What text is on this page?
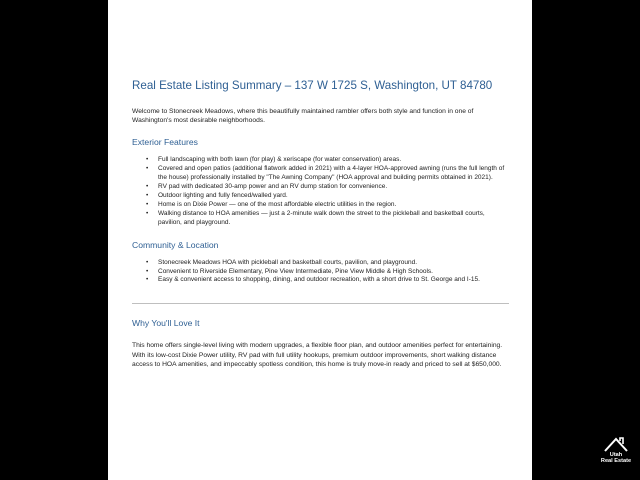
Real Estate Listing Summary – 137 W 1725 S, Washington, UT 84780

Welcome to Stonecreek Meadows, where this beautifully maintained rambler offers both style and function in one of Washington's most desirable neighborhoods.

Exterior Features
• Full landscaping with both lawn (for play) & xeriscape (for water conservation) areas.
• Covered and open patios (additional flatwork added in 2021) with a 4-layer HOA-approved awning (runs the full length of the house) professionally installed by "The Awning Company" (HOA approval and building permits obtained in 2021).
• RV pad with dedicated 30-amp power and an RV dump station for convenience.
• Outdoor lighting and fully fenced/walled yard.
• Home is on Dixie Power — one of the most affordable electric utilities in the region.
• Walking distance to HOA amenities — just a 2-minute walk down the street to the pickleball and basketball courts, pavilion, and playground.
Community & Location
• Stonecreek Meadows HOA with pickleball and basketball courts, pavilion, and playground.
• Convenient to Riverside Elementary, Pine View Intermediate, Pine View Middle & High Schools.
• Easy & convenient access to shopping, dining, and outdoor recreation, with a short drive to St. George and I-15.
Why You'll Love It

This home offers single-level living with modern upgrades, a flexible floor plan, and outdoor amenities perfect for entertaining. With its low-cost Dixie Power utility, RV pad with full utility hookups, premium outdoor improvements, short walking distance access to HOA amenities, and impeccably spotless condition, this home is truly move-in ready and priced to sell at $650,000.

Utah
Real Estate
